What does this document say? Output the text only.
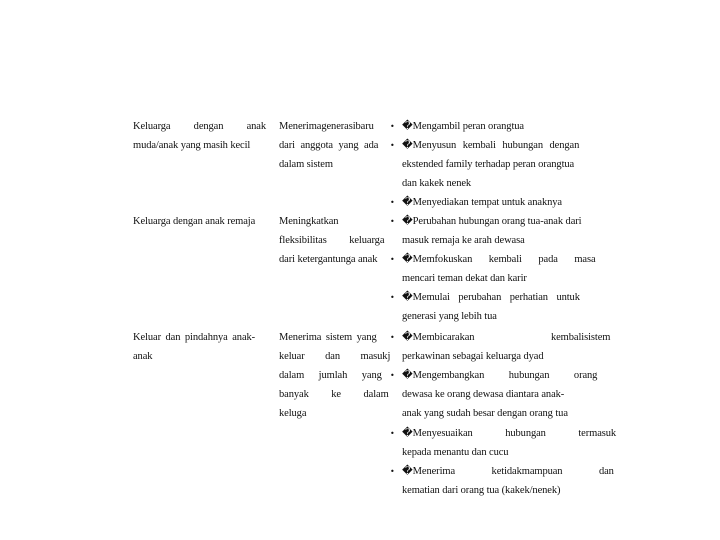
Keluarga dengan anak
muda/anak yang masih kecil
Menerimagenerasibaru
dari anggota yang ada
dalam sistem
• �Mengambil peran orangtua
• �Menyusun kembali hubungan dengan
ekstended family terhadap peran orangtua
dan kakek nenek
• �Menyediakan tempat untuk anaknya
Keluarga dengan anak remaja Meningkatkan
fleksibilitas keluarga
dari ketergantunga anak
• �Perubahan hubungan orang tua-anak dari
masuk remaja ke arah dewasa
• �Memfokuskan kembali pada masa
mencari teman dekat dan karir
• �Memulai perubahan perhatian untuk
generasi yang lebih tua
Keluar dan pindahnya anak-
anak
Menerima sistem yang
keluar dan masukj
dalam jumlah yang
banyak ke dalam
keluga
• �Membicarakan kembalisistem
perkawinan sebagai keluarga dyad
• �Mengembangkan hubungan orang
dewasa ke orang dewasa diantara anak-
anak yang sudah besar dengan orang tua
• �Menyesuaikan hubungan termasuk
kepada menantu dan cucu
• �Menerima ketidakmampuan dan
kematian dari orang tua (kakek/nenek)
